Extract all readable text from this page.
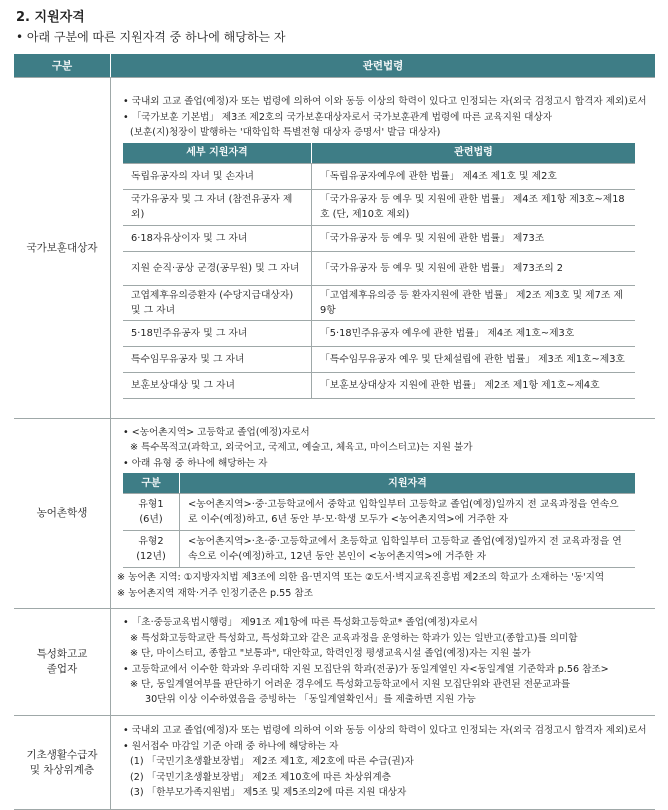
2. 지원자격
• 아래 구분에 따른 지원자격 중 하나에 해당하는 자
구분	관련법령
국가보훈대상자	
• 국내외 고교 졸업(예정)자 또는 법령에 의하여 이와 동등 이상의 학력이 있다고 인정되는 자(외국 검정고시 합격자 제외)로서
• 「국가보훈 기본법」 제3조 제2호의 국가보훈대상자로서 국가보훈관계 법령에 따른 교육지원 대상자
(보훈(지)청장이 발행하는 '대학입학 특별전형 대상자 증명서' 발급 대상자)
세부 지원자격	관련법령
독립유공자의 자녀 및 손자녀	「독립유공자예우에 관한 법률」 제4조 제1호 및 제2호
국가유공자 및 그 자녀 (참전유공자 제외)	「국가유공자 등 예우 및 지원에 관한 법률」 제4조 제1항 제3호~제18호 (단, 제10호 제외)
6·18자유상이자 및 그 자녀	「국가유공자 등 예우 및 지원에 관한 법률」 제73조
지원 순직·공상 군경(공무원) 및 그 자녀	「국가유공자 등 예우 및 지원에 관한 법률」 제73조의 2
고엽제후유의증환자 (수당지급대상자) 및 그 자녀	「고엽제후유의증 등 환자지원에 관한 법률」 제2조 제3호 및 제7조 제9항
5·18민주유공자 및 그 자녀	「5·18민주유공자 예우에 관한 법률」 제4조 제1호~제3호
특수임무유공자 및 그 자녀	「특수임무유공자 예우 및 단체설립에 관한 법률」 제3조 제1호~제3호
보훈보상대상 및 그 자녀	「보훈보상대상자 지원에 관한 법률」 제2조 제1항 제1호~제4호

농어촌학생	
• <농어촌지역> 고등학교 졸업(예정)자로서
※ 특수목적고(과학고, 외국어고, 국제고, 예술고, 체육고, 마이스터고)는 지원 불가
• 아래 유형 중 하나에 해당하는 자
구분	지원자격

유형1
(6년)
	<농어촌지역>·중·고등학교에서 중학교 입학일부터 고등학교 졸업(예정)일까지 전 교육과정을 연속으로 이수(예정)하고, 6년 동안 부·모·학생 모두가 <농어촌지역>에 거주한 자

유형2
(12년)
	<농어촌지역>·초·중·고등학교에서 초등학교 입학일부터 고등학교 졸업(예정)일까지 전 교육과정을 연속으로 이수(예정)하고, 12년 동안 본인이 <농어촌지역>에 거주한 자
※ 농어촌 지역: ①지방자치법 제3조에 의한 읍·면지역 또는 ②도서·벽지교육진흥법 제2조의 학교가 소재하는 '동'지역
※ 농어촌지역 재학·거주 인정기준은 p.55 참조

특성화고교
졸업자

• 「초·중등교육법시행령」 제91조 제1항에 따른 특성화고등학교* 졸업(예정)자로서
※ 특성화고등학교란 특성화고, 특성화고와 같은 교육과정을 운영하는 학과가 있는 일반고(종합고)를 의미함
※ 단, 마이스터고, 종합고 "보통과", 대안학교, 학력인정 평생교육시설 졸업(예정)자는 지원 불가
• 고등학교에서 이수한 학과와 우리대학 지원 모집단위 학과(전공)가 동일계열인 자<동일계열 기준학과 p.56 참조>
※ 단, 동일계열여부를 판단하기 어려운 경우에도 특성화고등학교에서 지원 모집단위와 관련된 전문교과를
30단위 이상 이수하였음을 증빙하는 「동일계열확인서」를 제출하면 지원 가능

기초생활수급자
및 차상위계층

• 국내외 고교 졸업(예정)자 또는 법령에 의하여 이와 동등 이상의 학력이 있다고 인정되는 자(외국 검정고시 합격자 제외)로서
• 원서접수 마감일 기준 아래 중 하나에 해당하는 자
(1) 「국민기초생활보장법」 제2조 제1호, 제2호에 따른 수급(권)자
(2) 「국민기초생활보장법」 제2조 제10호에 따른 차상위계층
(3) 「한부모가족지원법」 제5조 및 제5조의2에 따른 지원 대상자
